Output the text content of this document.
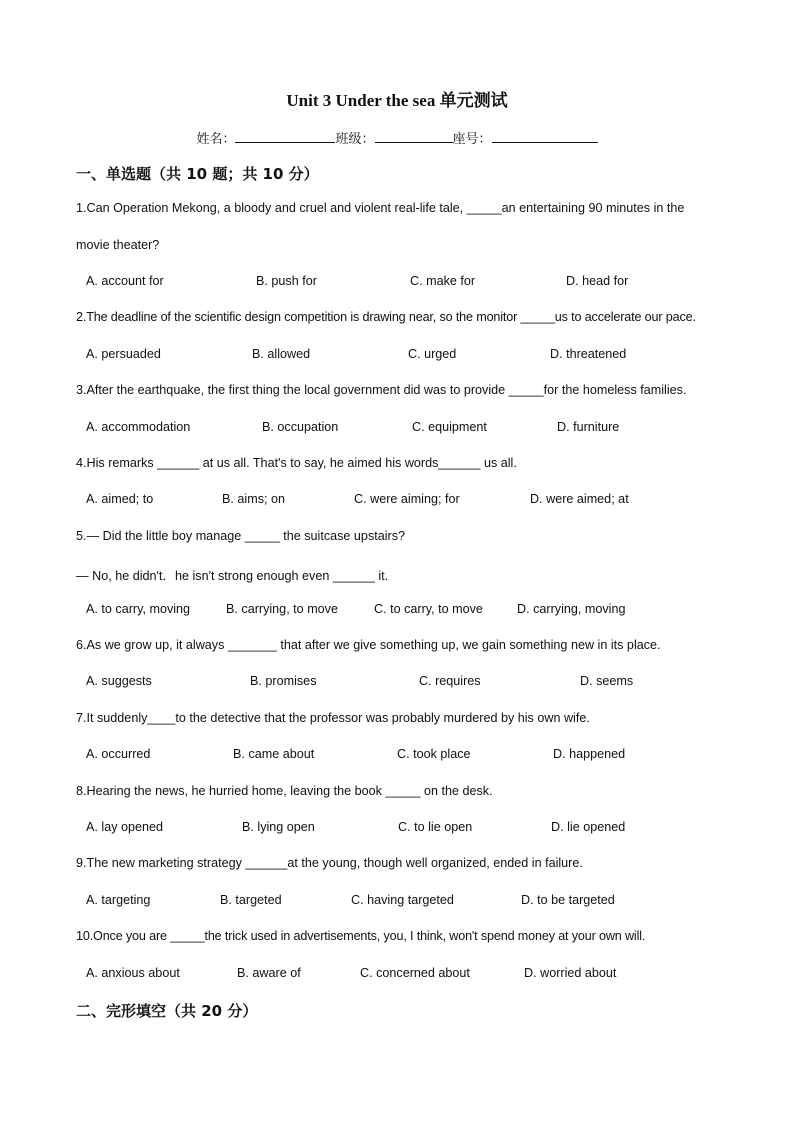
Unit 3 Under the sea 单元测试
姓名：	班级：	座号：
一、单选题（共 10 题；共 10 分）
1.Can Operation Mekong, a bloody and cruel and violent real-life tale, _____an entertaining 90 minutes in the
movie theater?
A. account for	B. push for	C. make for	D. head for
2.The deadline of the scientific design competition is drawing near, so the monitor _____us to accelerate our pace.
A. persuaded	B. allowed	C. urged	D. threatened
3.After the earthquake, the first thing the local government did was to provide _____for the homeless families.
A. accommodation	B. occupation	C. equipment	D. furniture
4.His remarks ______ at us all. That's to say, he aimed his words______ us all.
A. aimed; to	B. aims; on	C. were aiming; for	D. were aimed; at
5.— Did the little boy manage _____ the suitcase upstairs?
— No, he didn't．he isn't strong enough even ______ it.
A. to carry, moving	B. carrying, to move	C. to carry, to move	D. carrying, moving
6.As we grow up, it always _______ that after we give something up, we gain something new in its place.
A. suggests	B. promises	C. requires	D. seems
7.It suddenly____to the detective that the professor was probably murdered by his own wife.
A. occurred	B. came about	C. took place	D. happened
8.Hearing the news, he hurried home, leaving the book _____ on the desk.
A. lay opened	B. lying open	C. to lie open	D. lie opened
9.The new marketing strategy ______at the young, though well organized, ended in failure.
A. targeting	B. targeted	C. having targeted	D. to be targeted
10.Once you are _____the trick used in advertisements, you, I think, won't spend money at your own will.
A. anxious about	B. aware of	C. concerned about	D. worried about
二、完形填空（共 20 分）
